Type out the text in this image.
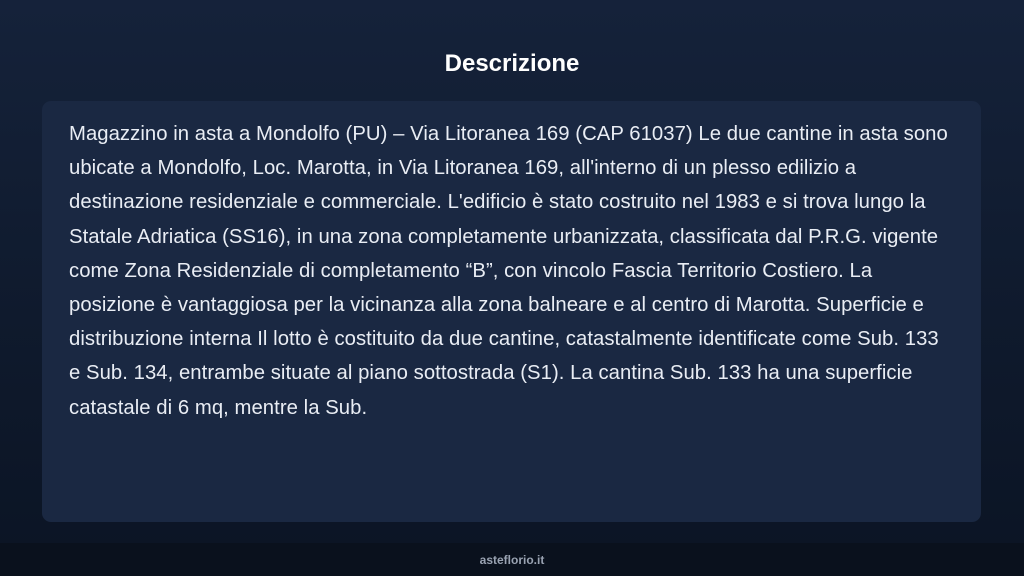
Descrizione

Magazzino in asta a Mondolfo (PU) – Via Litoranea 169 (CAP 61037) Le due cantine in asta sono ubicate a Mondolfo, Loc. Marotta, in Via Litoranea 169, all'interno di un plesso edilizio a destinazione residenziale e commerciale. L'edificio è stato costruito nel 1983 e si trova lungo la Statale Adriatica (SS16), in una zona completamente urbanizzata, classificata dal P.R.G. vigente come Zona Residenziale di completamento “B”, con vincolo Fascia Territorio Costiero. La posizione è vantaggiosa per la vicinanza alla zona balneare e al centro di Marotta. Superficie e distribuzione interna Il lotto è costituito da due cantine, catastalmente identificate come Sub. 133 e Sub. 134, entrambe situate al piano sottostrada (S1). La cantina Sub. 133 ha una superficie catastale di 6 mq, mentre la Sub.

asteflorio.it
